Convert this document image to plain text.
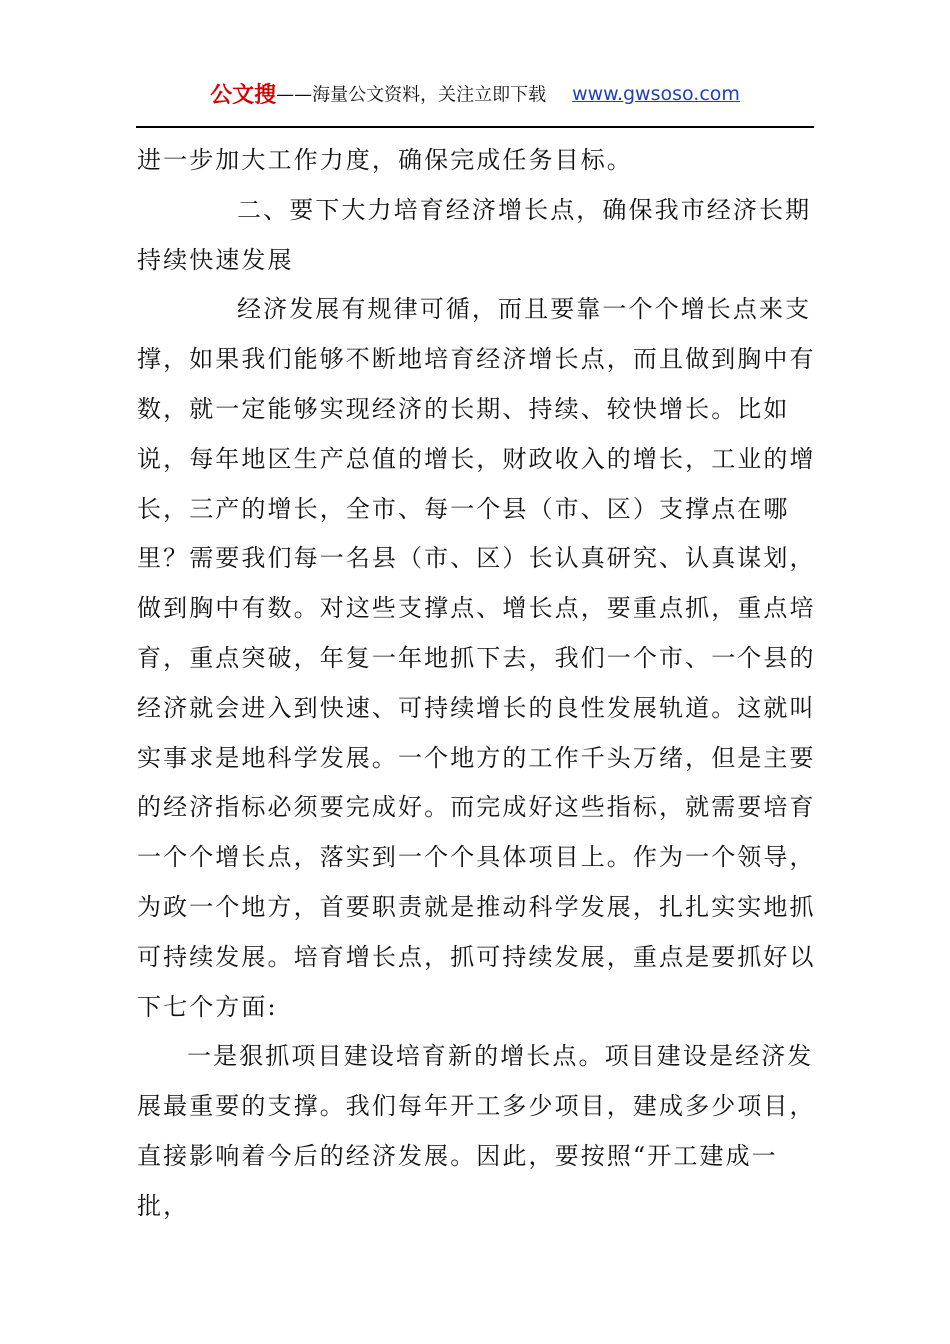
公文搜——海量公文资料，关注立即下载 www.gwsoso.com

进一步加大工作力度，确保完成任务目标。

二、要下大力培育经济增长点，确保我市经济长期持续快速发展

经济发展有规律可循，而且要靠一个个增长点来支撑，如果我们能够不断地培育经济增长点，而且做到胸中有数，就一定能够实现经济的长期、持续、较快增长。比如说，每年地区生产总值的增长，财政收入的增长，工业的增长，三产的增长，全市、每一个县（市、区）支撑点在哪里？需要我们每一名县（市、区）长认真研究、认真谋划，做到胸中有数。对这些支撑点、增长点，要重点抓，重点培育，重点突破，年复一年地抓下去，我们一个市、一个县的经济就会进入到快速、可持续增长的良性发展轨道。这就叫实事求是地科学发展。一个地方的工作千头万绪，但是主要的经济指标必须要完成好。而完成好这些指标，就需要培育一个个增长点，落实到一个个具体项目上。作为一个领导，为政一个地方，首要职责就是推动科学发展，扎扎实实地抓可持续发展。培育增长点，抓可持续发展，重点是要抓好以下七个方面:

一是狠抓项目建设培育新的增长点。项目建设是经济发展最重要的支撑。我们每年开工多少项目，建成多少项目，直接影响着今后的经济发展。因此，要按照“开工建成一批，
